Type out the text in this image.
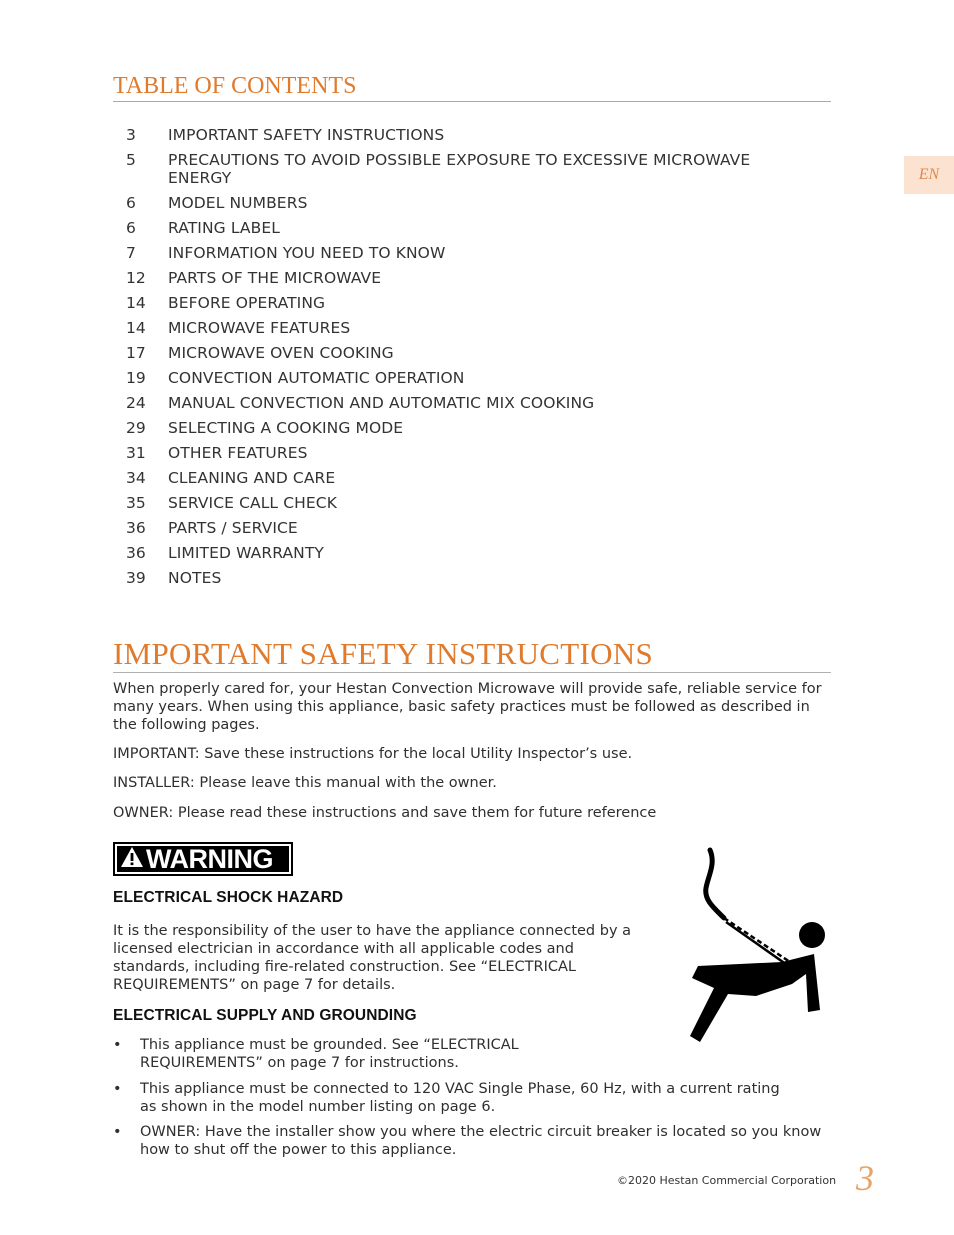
TABLE OF CONTENTS
3	IMPORTANT SAFETY INSTRUCTIONS
5	PRECAUTIONS TO AVOID POSSIBLE EXPOSURE TO EXCESSIVE MICROWAVE ENERGY
6	MODEL NUMBERS
6	RATING LABEL
7	INFORMATION YOU NEED TO KNOW
12	PARTS OF THE MICROWAVE
14	BEFORE OPERATING
14	MICROWAVE FEATURES
17	MICROWAVE OVEN COOKING
19	CONVECTION AUTOMATIC OPERATION
24	MANUAL CONVECTION AND AUTOMATIC MIX COOKING
29	SELECTING A COOKING MODE
31	OTHER FEATURES
34	CLEANING AND CARE
35	SERVICE CALL CHECK
36	PARTS / SERVICE
36	LIMITED WARRANTY
39	NOTES
EN
IMPORTANT SAFETY INSTRUCTIONS

When properly cared for, your Hestan Convection Microwave will provide safe, reliable service for many years. When using this appliance, basic safety practices must be followed as described in the following pages.

IMPORTANT: Save these instructions for the local Utility Inspector’s use.

INSTALLER: Please leave this manual with the owner.

OWNER: Please read these instructions and save them for future reference

WARNING
ELECTRICAL SHOCK HAZARD

It is the responsibility of the user to have the appliance connected by a licensed electrician in accordance with all applicable codes and standards, including fire-related construction. See “ELECTRICAL REQUIREMENTS” on page 7 for details.

ELECTRICAL SUPPLY AND GROUNDING
• This appliance must be grounded. See “ELECTRICAL REQUIREMENTS” on page 7 for instructions.
• This appliance must be connected to 120 VAC Single Phase, 60 Hz, with a current rating as shown in the model number listing on page 6.
• OWNER: Have the installer show you where the electric circuit breaker is located so you know how to shut off the power to this appliance.
©2020 Hestan Commercial Corporation 3
